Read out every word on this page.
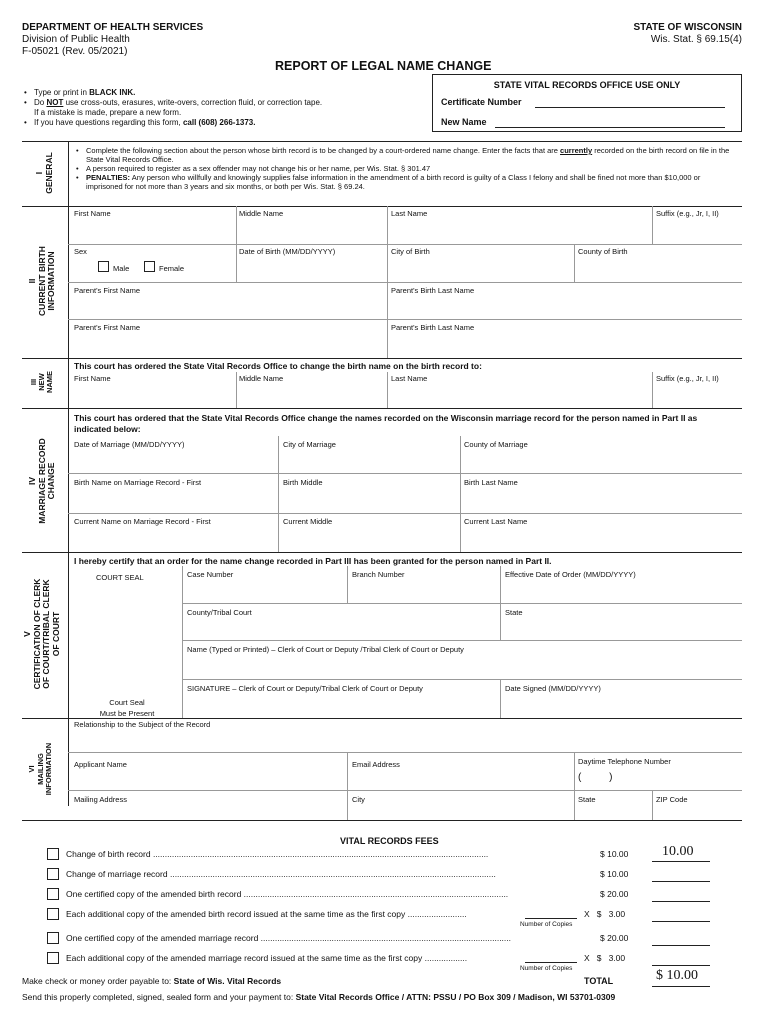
DEPARTMENT OF HEALTH SERVICES
Division of Public Health
F-05021 (Rev. 05/2021)
STATE OF WISCONSIN
Wis. Stat. § 69.15(4)
REPORT OF LEGAL NAME CHANGE
STATE VITAL RECORDS OFFICE USE ONLY
Certificate Number
New Name
• Type or print in BLACK INK.
• Do NOT use cross-outs, erasures, write-overs, correction fluid, or correction tape.
If a mistake is made, prepare a new form.
• If you have questions regarding this form, call (608) 266-1373.
I
GENERAL
II
CURRENT BIRTH
INFORMATION
III
NEW
NAME
IV
MARRIAGE RECORD
CHANGE
V
CERTIFICATION OF CLERK
OF COURT/TRIBAL CLERK
OF COURT
VI
MAILING
INFORMATION
• Complete the following section about the person whose birth record is to be changed by a court-ordered name change. Enter the facts that are currently recorded on the birth record on file in the State Vital Records Office.
• A person required to register as a sex offender may not change his or her name, per Wis. Stat. § 301.47
• PENALTIES: Any person who willfully and knowingly supplies false information in the amendment of a birth record is guilty of a Class I felony and shall be fined not more than $10,000 or imprisoned for not more than 3 years and six months, or both per Wis. Stat. § 69.24.
First Name	Middle Name	Last Name	Suffix (e.g., Jr, I, II)
Sex
Male	Female
Date of Birth (MM/DD/YYYY)	City of Birth	County of Birth
Parent's First Name	Parent's Birth Last Name
Parent's First Name	Parent's Birth Last Name
This court has ordered the State Vital Records Office to change the birth name on the birth record to:
First Name	Middle Name	Last Name	Suffix (e.g., Jr, I, II)
This court has ordered that the State Vital Records Office change the names recorded on the Wisconsin marriage record for the person named in Part II as indicated below:
Date of Marriage (MM/DD/YYYY)	City of Marriage	County of Marriage
Birth Name on Marriage Record - First	Birth Middle	Birth Last Name
Current Name on Marriage Record - First	Current Middle	Current Last Name
I hereby certify that an order for the name change recorded in Part III has been granted for the person named in Part II.
COURT SEAL
Court Seal
Must be Present
Case Number	Branch Number	Effective Date of Order (MM/DD/YYYY)
County/Tribal Court	State
Name (Typed or Printed) – Clerk of Court or Deputy /Tribal Clerk of Court or Deputy
SIGNATURE – Clerk of Court or Deputy/Tribal Clerk of Court or Deputy	Date Signed (MM/DD/YYYY)
Relationship to the Subject of the Record
Applicant Name	Email Address	Daytime Telephone Number
(          )
Mailing Address	City	State	ZIP Code
VITAL RECORDS FEES
Change of birth record ..............................................................................................................................................	$ 10.00 10.00
Change of marriage record ..........................................................................................................................................	$ 10.00
One certified copy of the amended birth record ................................................................................................................	$ 20.00
Each additional copy of the amended birth record issued at the same time as the first copy .........................
Number of Copies
X   $   3.00
One certified copy of the amended marriage record ..........................................................................................................	$ 20.00
Each additional copy of the amended marriage record issued at the same time as the first copy ..................
Number of Copies
X   $   3.00
Make check or money order payable to: State of Wis. Vital Records	TOTAL	$ 10.00
Send this properly completed, signed, sealed form and your payment to: State Vital Records Office / ATTN: PSSU / PO Box 309 / Madison, WI 53701-0309
